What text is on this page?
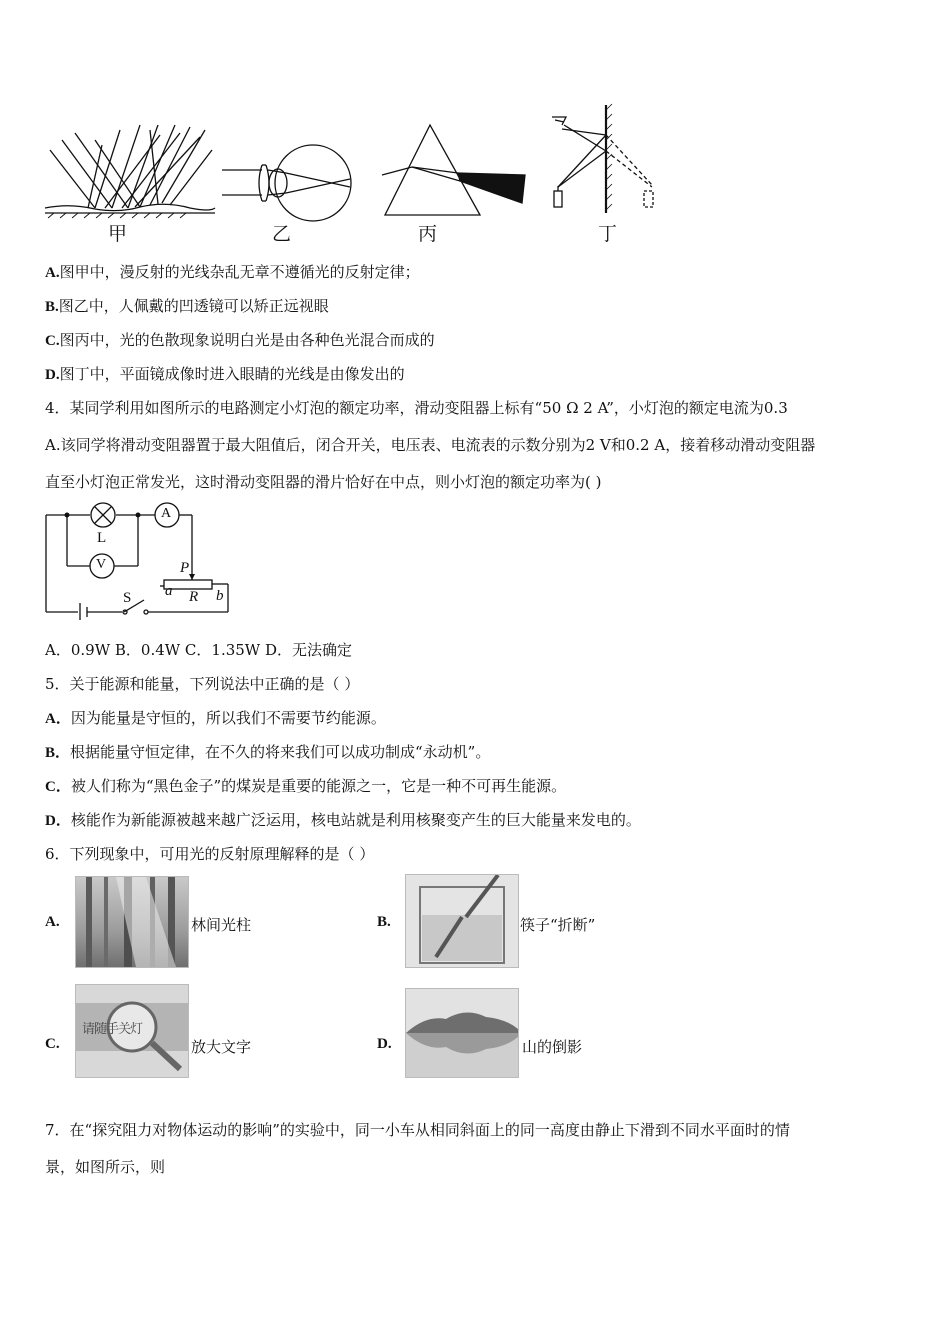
甲	乙	丙	丁
A.图甲中，漫反射的光线杂乱无章不遵循光的反射定律；
B.图乙中，人佩戴的凹透镜可以矫正远视眼
C.图丙中，光的色散现象说明白光是由各种色光混合而成的
D.图丁中，平面镜成像时进入眼睛的光线是由像发出的
4．某同学利用如图所示的电路测定小灯泡的额定功率，滑动变阻器上标有“50 Ω 2 A”，小灯泡的额定电流为0.3
A.该同学将滑动变阻器置于最大阻值后，闭合开关，电压表、电流表的示数分别为2 V和0.2 A，接着移动滑动变阻器
直至小灯泡正常发光，这时滑动变阻器的滑片恰好在中点，则小灯泡的额定功率为( )
A
V
L
P
a R b
S
A．0.9W B．0.4W C．1.35W D．无法确定
5．关于能源和能量，下列说法中正确的是（ ）
A．因为能量是守恒的，所以我们不需要节约能源。
B．根据能量守恒定律，在不久的将来我们可以成功制成“永动机”。
C．被人们称为“黑色金子”的煤炭是重要的能源之一，它是一种不可再生能源。
D．核能作为新能源被越来越广泛运用，核电站就是利用核聚变产生的巨大能量来发电的。
6．下列现象中，可用光的反射原理解释的是（ ）
A.	林间光柱	B.	筷子“折断”
C.
请随手关灯
放大文字	D.	山的倒影
7．在“探究阻力对物体运动的影响”的实验中，同一小车从相同斜面上的同一高度由静止下滑到不同水平面时的情
景，如图所示，则
